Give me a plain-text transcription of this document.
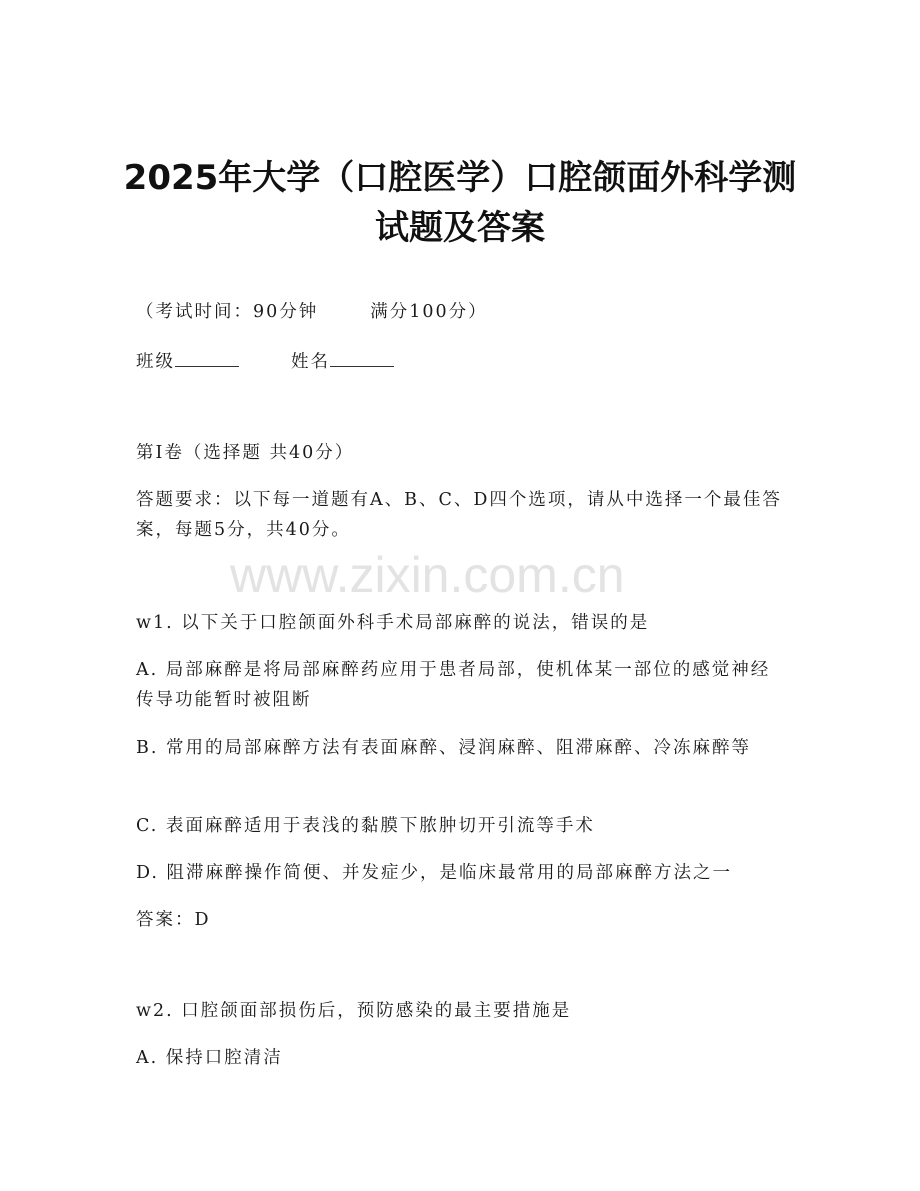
2025年大学（口腔医学）口腔颌面外科学测
试题及答案
（考试时间：90分钟	满分100分）
班级	姓名
第Ⅰ卷（选择题 共40分）
答题要求：以下每一道题有A、B、C、D四个选项，请从中选择一个最佳答案，每题5分，共40分。
www.zixin.com.cn
w1. 以下关于口腔颌面外科手术局部麻醉的说法，错误的是
A. 局部麻醉是将局部麻醉药应用于患者局部，使机体某一部位的感觉神经传导功能暂时被阻断
B. 常用的局部麻醉方法有表面麻醉、浸润麻醉、阻滞麻醉、冷冻麻醉等
C. 表面麻醉适用于表浅的黏膜下脓肿切开引流等手术
D. 阻滞麻醉操作简便、并发症少，是临床最常用的局部麻醉方法之一
答案：D
w2. 口腔颌面部损伤后，预防感染的最主要措施是
A. 保持口腔清洁
